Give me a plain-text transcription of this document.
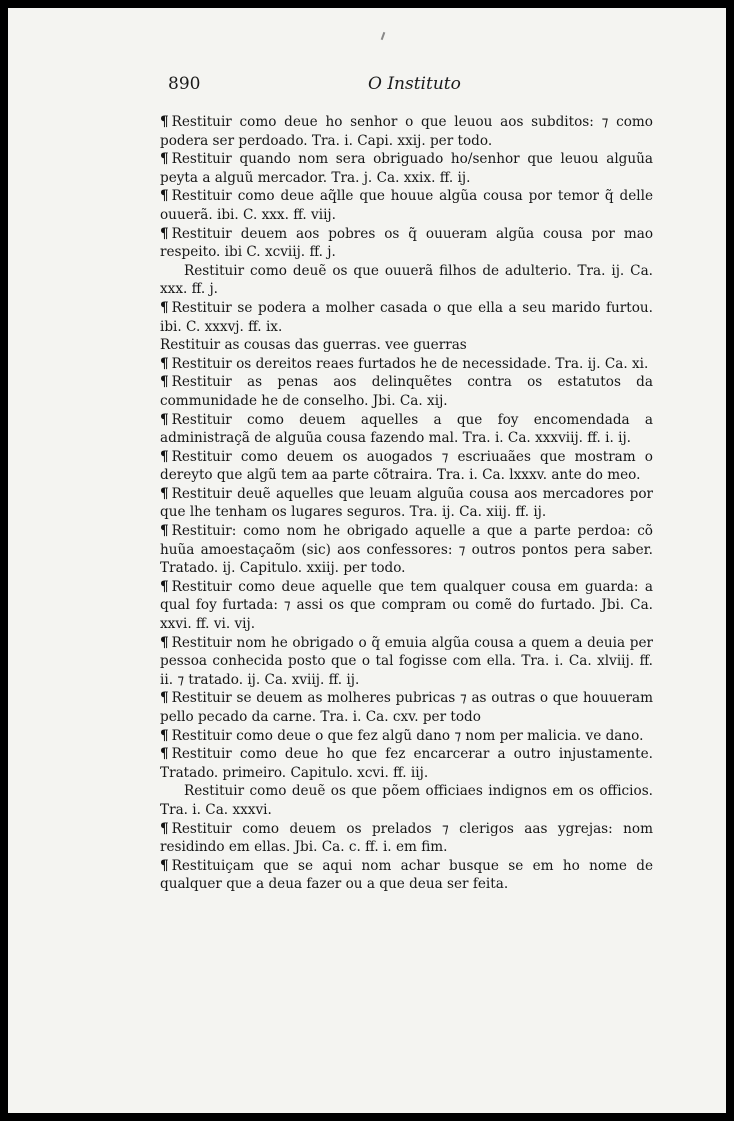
890	O Instituto
¶ Restituir como deue ho senhor o que leuou aos subditos: ⁊ como podera ser perdoado. Tra. i. Capi. xxij. per todo.
¶ Restituir quando nom sera obriguado ho/senhor que leuou alguũa peyta a alguũ mercador. Tra. j. Ca. xxix. ff. ij.
¶ Restituir como deue aq̃lle que houue algũa cousa por temor q̃ delle ouuerã. ibi. C. xxx. ff. viij.
¶ Restituir deuem aos pobres os q̃ ouueram algũa cousa por mao respeito. ibi C. xcviij. ff. j.
Restituir como deuẽ os que ouuerã filhos de adulterio. Tra. ij. Ca. xxx. ff. j.
¶ Restituir se podera a molher casada o que ella a seu marido furtou. ibi. C. xxxvj. ff. ix.
Restituir as cousas das guerras. vee guerras
¶ Restituir os dereitos reaes furtados he de necessidade. Tra. ij. Ca. xi.
¶ Restituir as penas aos delinquẽtes contra os estatutos da communidade he de conselho. Jbi. Ca. xij.
¶ Restituir como deuem aquelles a que foy encomendada a administraçã de alguũa cousa fazendo mal. Tra. i. Ca. xxxviij. ff. i. ij.
¶ Restituir como deuem os auogados ⁊ escriuaães que mostram o dereyto que algũ tem aa parte cõtraira. Tra. i. Ca. lxxxv. ante do meo.
¶ Restituir deuẽ aquelles que leuam alguũa cousa aos mercadores por que lhe tenham os lugares seguros. Tra. ij. Ca. xiij. ff. ij.
¶ Restituir: como nom he obrigado aquelle a que a parte perdoa: cõ huũa amoestaçaõm (sic) aos confessores: ⁊ outros pontos pera saber. Tratado. ij. Capitulo. xxiij. per todo.
¶ Restituir como deue aquelle que tem qualquer cousa em guarda: a qual foy furtada: ⁊ assi os que compram ou comẽ do furtado. Jbi. Ca. xxvi. ff. vi. vij.
¶ Restituir nom he obrigado o q̃ emuia algũa cousa a quem a deuia per pessoa conhecida posto que o tal fogisse com ella. Tra. i. Ca. xlviij. ff. ii. ⁊ tratado. ij. Ca. xviij. ff. ij.
¶ Restituir se deuem as molheres pubricas ⁊ as outras o que houueram pello pecado da carne. Tra. i. Ca. cxv. per todo
¶ Restituir como deue o que fez algũ dano ⁊ nom per malicia. ve dano.
¶ Restituir como deue ho que fez encarcerar a outro injustamente. Tratado. primeiro. Capitulo. xcvi. ff. iij.
Restituir como deuẽ os que põem officiaes indignos em os officios. Tra. i. Ca. xxxvi.
¶ Restituir como deuem os prelados ⁊ clerigos aas ygrejas: nom residindo em ellas. Jbi. Ca. c. ff. i. em fim.
¶ Restituiçam que se aqui nom achar busque se em ho nome de qualquer que a deua fazer ou a que deua ser feita.
